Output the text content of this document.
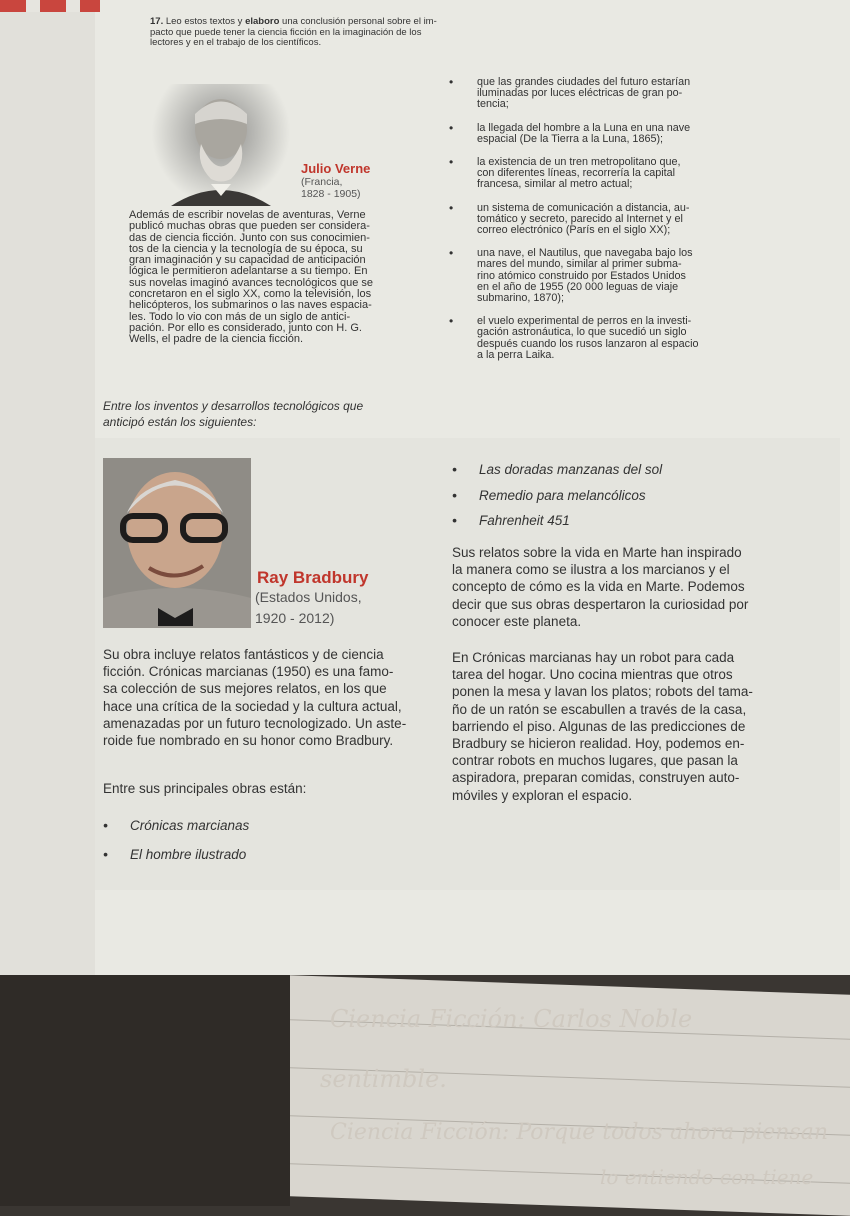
17. Leo estos textos y elaboro una conclusión personal sobre el im-
pacto que puede tener la ciencia ficción en la imaginación de los
lectores y en el trabajo de los científicos.
Julio Verne
(Francia,
1828 - 1905)
Además de escribir novelas de aventuras, Verne
publicó muchas obras que pueden ser considera-
das de ciencia ficción. Junto con sus conocimien-
tos de la ciencia y la tecnología de su época, su
gran imaginación y su capacidad de anticipación
lógica le permitieron adelantarse a su tiempo. En
sus novelas imaginó avances tecnológicos que se
concretaron en el siglo XX, como la televisión, los
helicópteros, los submarinos o las naves espacia-
les. Todo lo vio con más de un siglo de antici-
pación. Por ello es considerado, junto con H. G.
Wells, el padre de la ciencia ficción.
Entre los inventos y desarrollos tecnológicos que
anticipó están los siguientes:
• que las grandes ciudades del futuro estarían
iluminadas por luces eléctricas de gran po-
tencia;
• la llegada del hombre a la Luna en una nave
espacial (De la Tierra a la Luna, 1865);
• la existencia de un tren metropolitano que,
con diferentes líneas, recorrería la capital
francesa, similar al metro actual;
• un sistema de comunicación a distancia, au-
tomático y secreto, parecido al Internet y el
correo electrónico (París en el siglo XX);
• una nave, el Nautilus, que navegaba bajo los
mares del mundo, similar al primer subma-
rino atómico construido por Estados Unidos
en el año de 1955 (20 000 leguas de viaje
submarino, 1870);
• el vuelo experimental de perros en la investi-
gación astronáutica, lo que sucedió un siglo
después cuando los rusos lanzaron al espacio
a la perra Laika.
Ray Bradbury
(Estados Unidos,
1920 - 2012)
Su obra incluye relatos fantásticos y de ciencia
ficción. Crónicas marcianas (1950) es una famo-
sa colección de sus mejores relatos, en los que
hace una crítica de la sociedad y la cultura actual,
amenazadas por un futuro tecnologizado. Un aste-
roide fue nombrado en su honor como Bradbury.
Entre sus principales obras están:
• Crónicas marcianas
• El hombre ilustrado
• Las doradas manzanas del sol
• Remedio para melancólicos
• Fahrenheit 451
Sus relatos sobre la vida en Marte han inspirado
la manera como se ilustra a los marcianos y el
concepto de cómo es la vida en Marte. Podemos
decir que sus obras despertaron la curiosidad por
conocer este planeta.
En Crónicas marcianas hay un robot para cada
tarea del hogar. Uno cocina mientras que otros
ponen la mesa y lavan los platos; robots del tama-
ño de un ratón se escabullen a través de la casa,
barriendo el piso. Algunas de las predicciones de
Bradbury se hicieron realidad. Hoy, podemos en-
contrar robots en muchos lugares, que pasan la
aspiradora, preparan comidas, construyen auto-
móviles y exploran el espacio.
Ciencia Ficción: Carlos Noble
sentimble.
Ciencia Ficción: Porque todos ahora piensan
lo entiendo con tiene
